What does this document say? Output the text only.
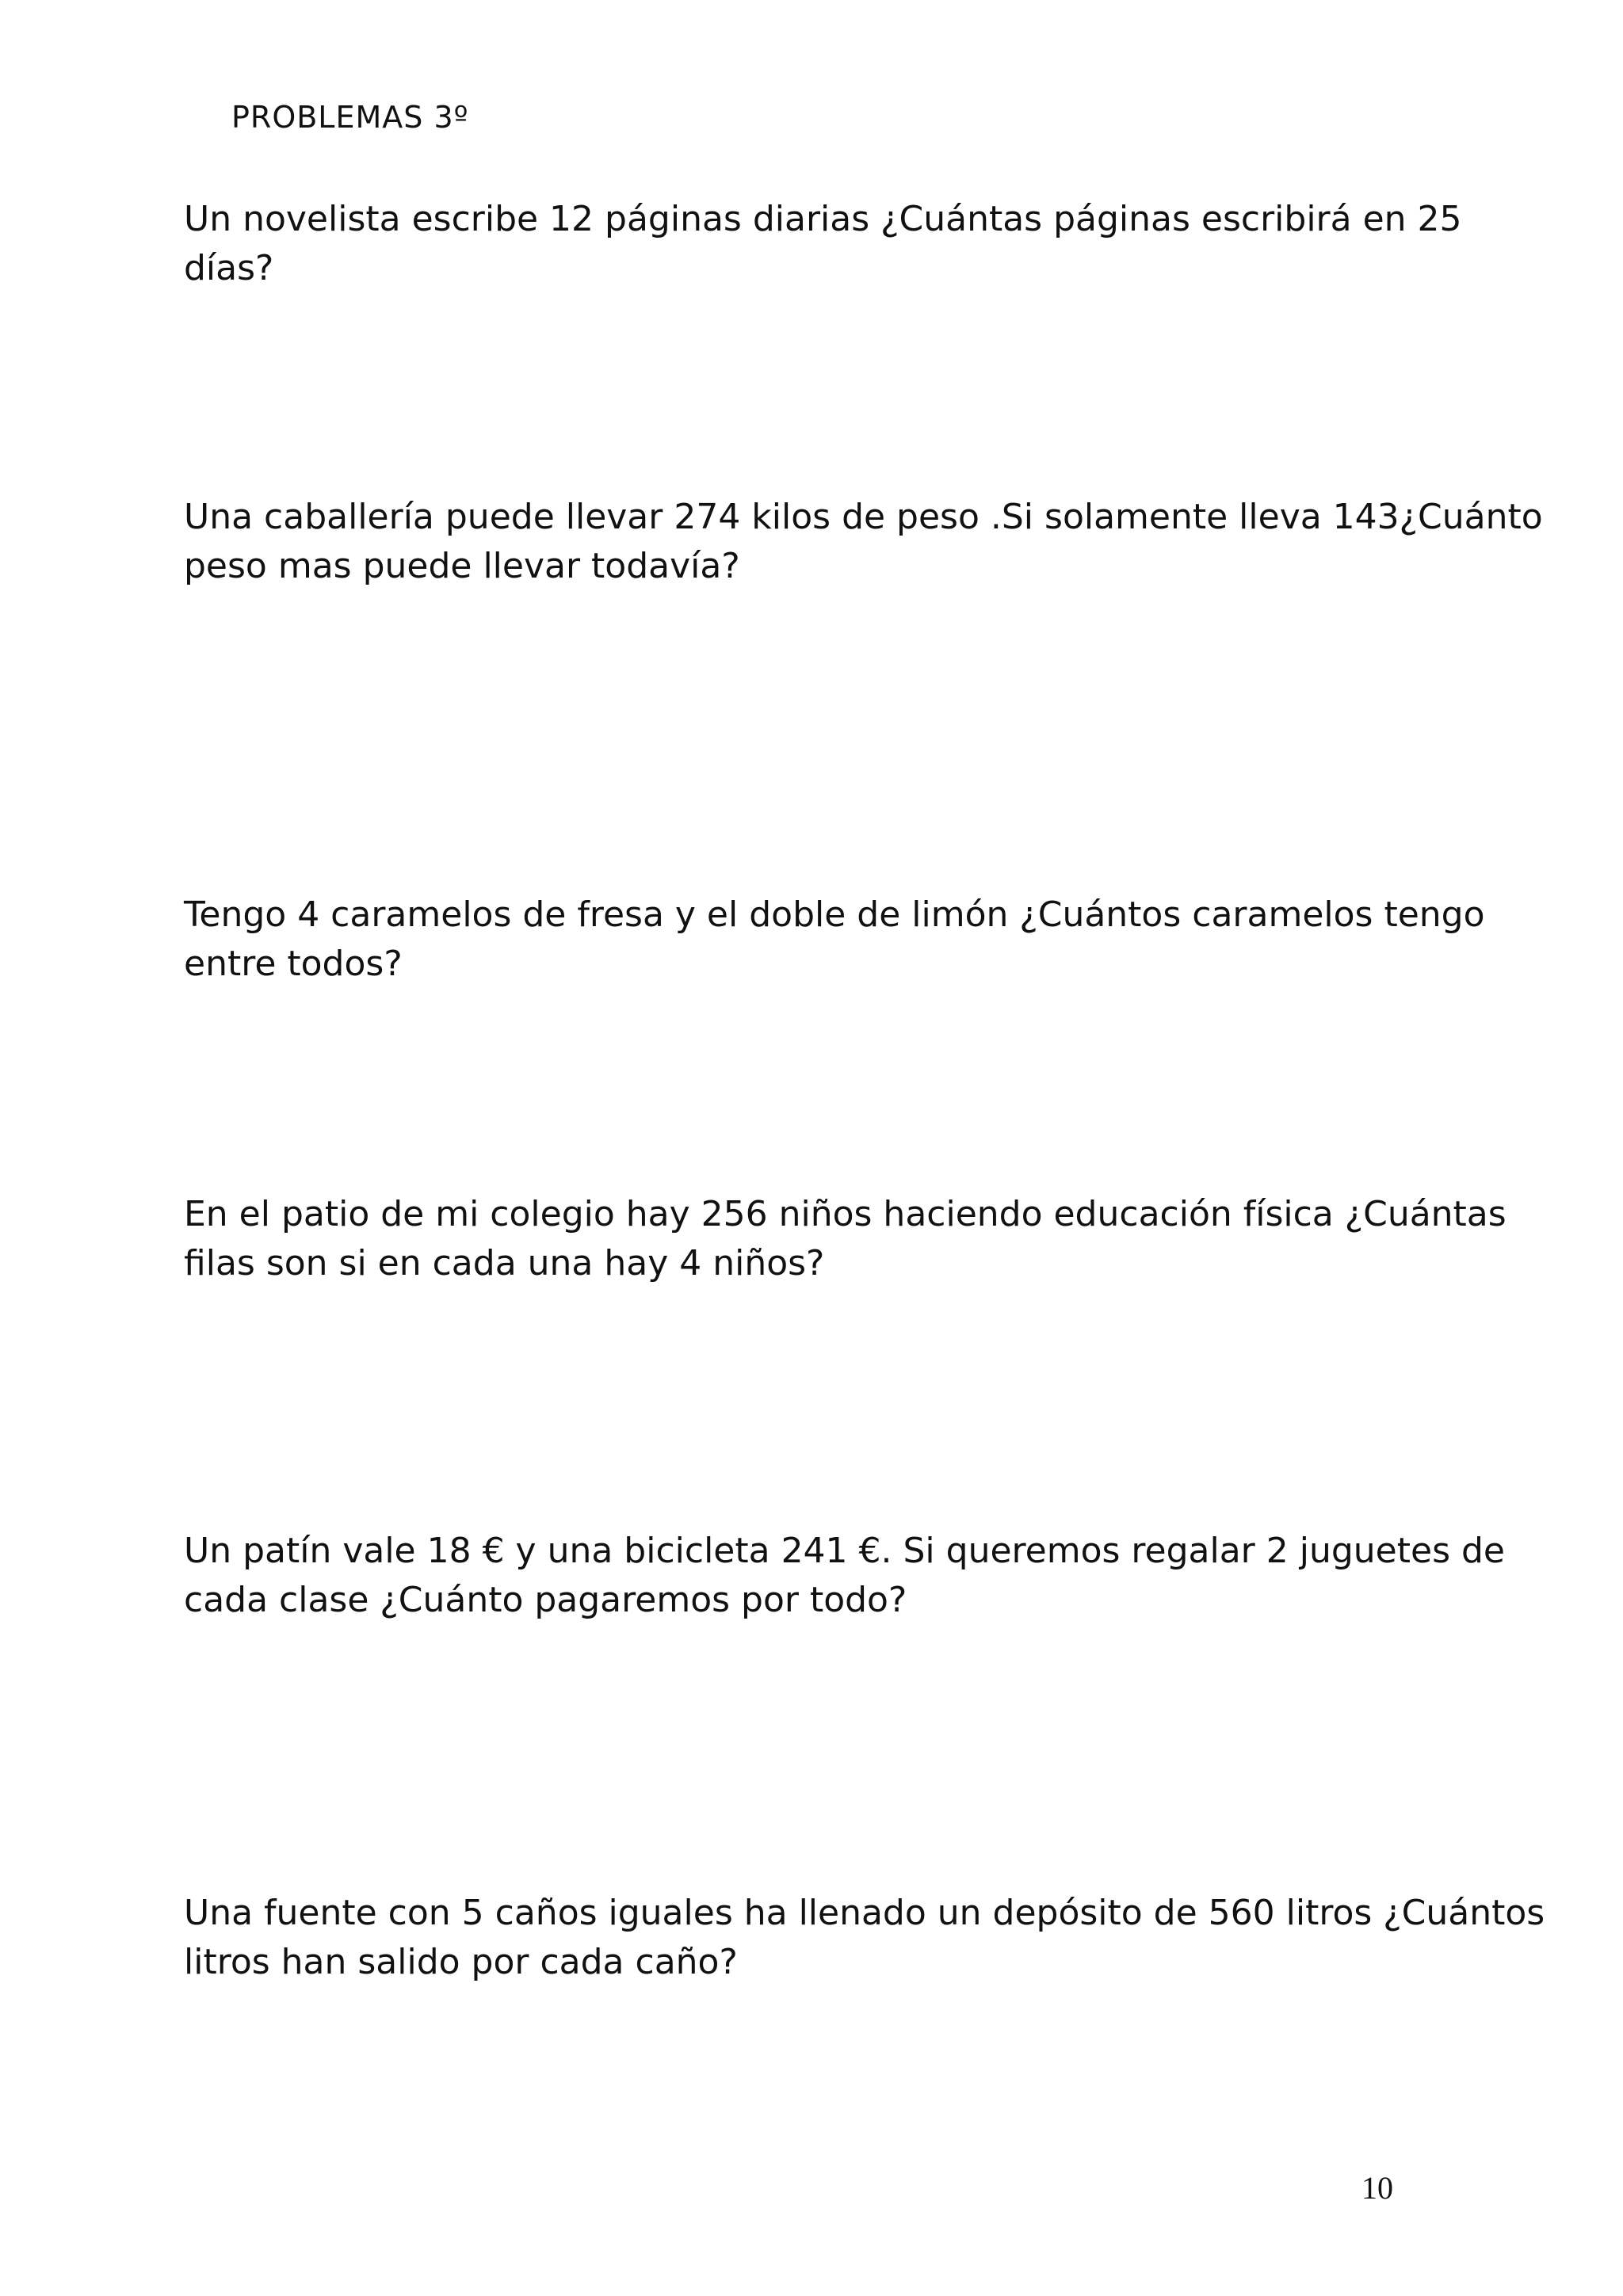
PROBLEMAS 3º

Un novelista escribe 12 páginas diarias ¿Cuántas páginas escribirá en 25 días?

Una caballería puede llevar 274 kilos de peso .Si solamente lleva 143¿Cuánto peso mas puede llevar todavía?

Tengo 4 caramelos de fresa y el doble de limón ¿Cuántos caramelos tengo entre todos?

En el patio de mi colegio hay 256 niños haciendo educación física ¿Cuántas filas son si en cada una hay 4 niños?

Un patín vale 18 € y una bicicleta 241 €. Si queremos regalar 2 juguetes de cada clase ¿Cuánto pagaremos por todo?

Una fuente con 5 caños iguales ha llenado un depósito de 560 litros ¿Cuántos litros han salido por cada caño?

10
